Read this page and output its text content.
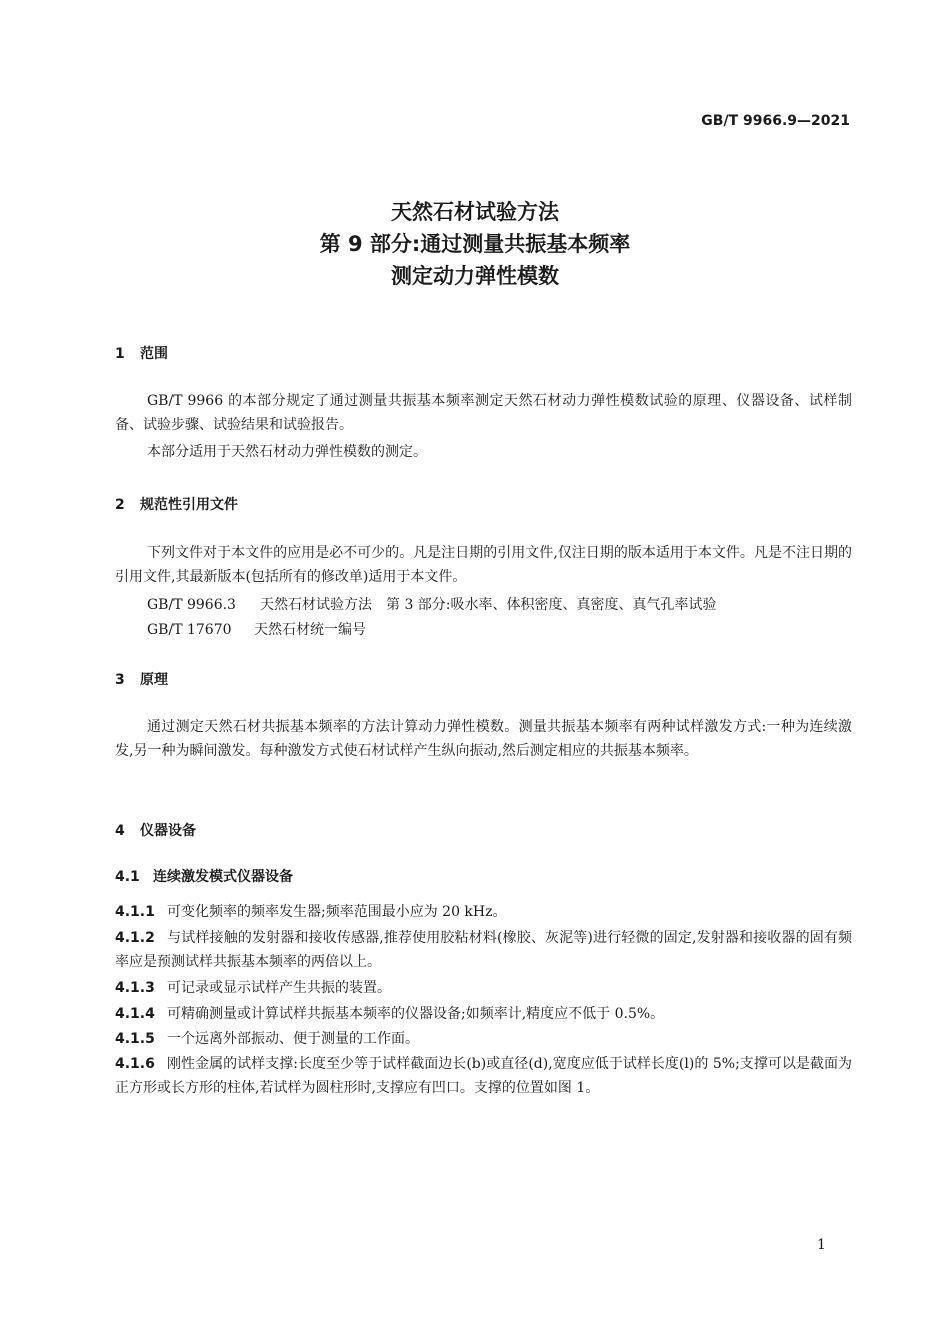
GB/T 9966.9—2021
天然石材试验方法
第 9 部分:通过测量共振基本频率
测定动力弹性模数
1 范围

GB/T 9966 的本部分规定了通过测量共振基本频率测定天然石材动力弹性模数试验的原理、仪器设备、试样制备、试验步骤、试验结果和试验报告。

本部分适用于天然石材动力弹性模数的测定。

2 规范性引用文件

下列文件对于本文件的应用是必不可少的。凡是注日期的引用文件,仅注日期的版本适用于本文件。凡是不注日期的引用文件,其最新版本(包括所有的修改单)适用于本文件。

GB/T 9966.3 天然石材试验方法　第 3 部分:吸水率、体积密度、真密度、真气孔率试验
GB/T 17670 天然石材统一编号
3 原理

通过测定天然石材共振基本频率的方法计算动力弹性模数。测量共振基本频率有两种试样激发方式:一种为连续激发,另一种为瞬间激发。每种激发方式使石材试样产生纵向振动,然后测定相应的共振基本频率。

4 仪器设备
4.1 连续激发模式仪器设备

4.1.1 可变化频率的频率发生器;频率范围最小应为 20 kHz。

4.1.2 与试样接触的发射器和接收传感器,推荐使用胶粘材料(橡胶、灰泥等)进行轻微的固定,发射器和接收器的固有频率应是预测试样共振基本频率的两倍以上。

4.1.3 可记录或显示试样产生共振的装置。

4.1.4 可精确测量或计算试样共振基本频率的仪器设备;如频率计,精度应不低于 0.5%。

4.1.5 一个远离外部振动、便于测量的工作面。

4.1.6 刚性金属的试样支撑:长度至少等于试样截面边长(b)或直径(d),宽度应低于试样长度(l)的 5%;支撑可以是截面为正方形或长方形的柱体,若试样为圆柱形时,支撑应有凹口。支撑的位置如图 1。

1
